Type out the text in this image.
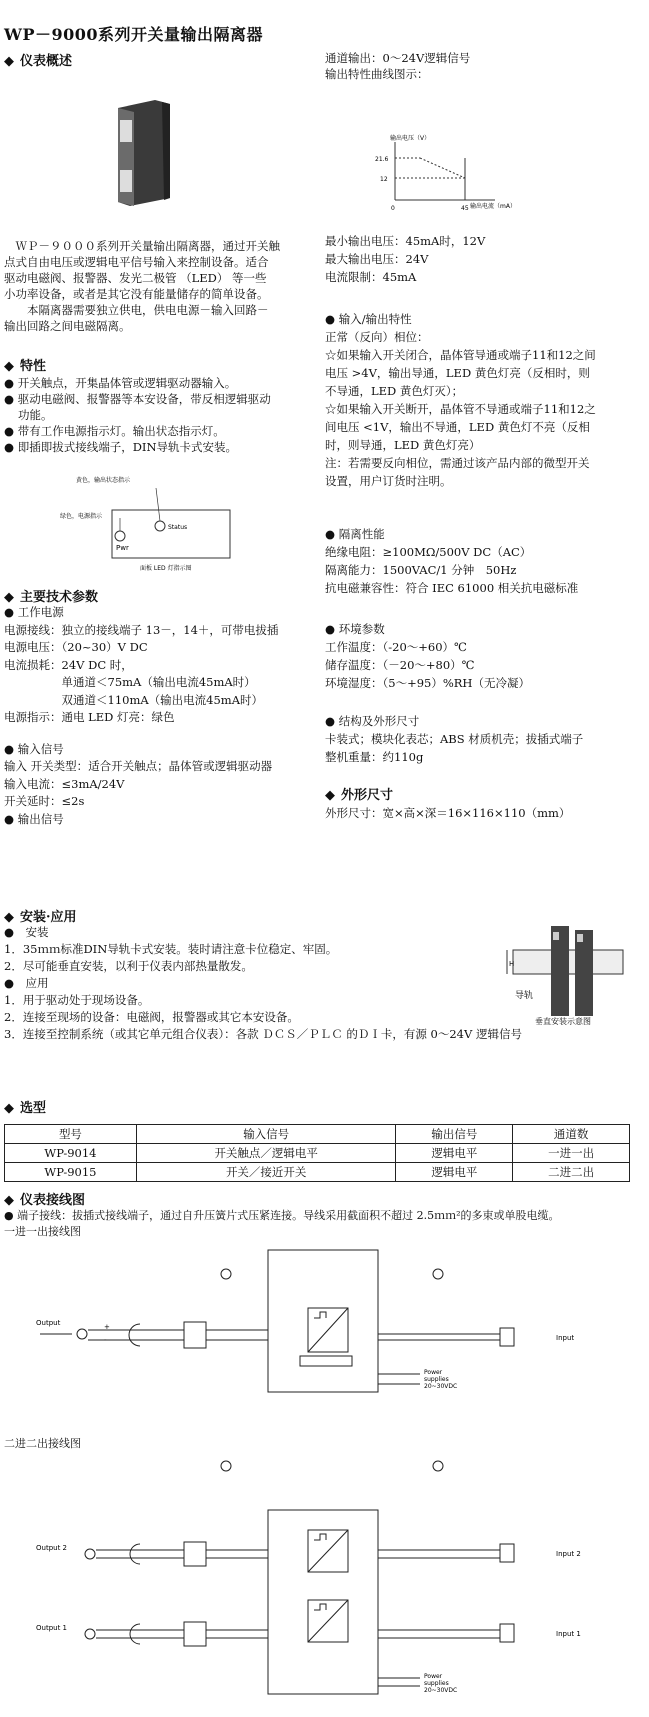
WP－9000系列开关量输出隔离器
◆ 仪表概述
　ＷＰ－９０００系列开关量输出隔离器，通过开关触
点式自由电压或逻辑电平信号输入来控制设备。适合
驱动电磁阀、报警器、发光二极管 （LED） 等一些
小功率设备，或者是其它没有能量储存的简单设备。
　　本隔离器需要独立供电，供电电源－输入回路－
输出回路之间电磁隔离。
◆ 特性
● 开关触点，开集晶体管或逻辑驱动器输入。
● 驱动电磁阀、报警器等本安设备，带反相逻辑驱动
功能。
● 带有工作电源指示灯。输出状态指示灯。
● 即插即拔式接线端子，DIN导轨卡式安装。
黄色，输出状态指示
绿色，电源指示
Pwr
Status
面板 LED 灯指示图
◆ 主要技术参数
● 工作电源
电源接线：独立的接线端子 13－，14＋，可带电拔插
电源电压：（20~30）V DC
电流损耗：24V DC 时，
　　　　　单通道＜75mA（输出电流45mA时）
　　　　　双通道＜110mA（输出电流45mA时）
电源指示：通电 LED 灯亮：绿色
● 输入信号
输入 开关类型：适合开关触点；晶体管或逻辑驱动器
输入电流：≤3mA/24V
开关延时：≤2s
● 输出信号
通道输出：0～24V逻辑信号
输出特性曲线图示：
输出电压（V）
输出电流（mA）
21.6
12
0	45
最小输出电压：45mA时，12V
最大输出电压：24V
电流限制：45mA
● 输入/输出特性
正常（反向）相位：
☆如果输入开关闭合，晶体管导通或端子11和12之间
电压 >4V，输出导通，LED 黄色灯亮（反相时，则
不导通，LED 黄色灯灭）；
☆如果输入开关断开，晶体管不导通或端子11和12之
间电压 <1V，输出不导通，LED 黄色灯不亮（反相
时，则导通，LED 黄色灯亮）
注：若需要反向相位，需通过该产品内部的微型开关
设置，用户订货时注明。
● 隔离性能
绝缘电阻：≥100MΩ/500V DC（AC）
隔离能力：1500VAC/1 分钟　50Hz
抗电磁兼容性：符合 IEC 61000 相关抗电磁标准
● 环境参数
工作温度：（-20～+60）℃
储存温度：（－20～+80）℃
环境湿度：（5～+95）%RH（无冷凝）
● 结构及外形尺寸
卡装式；模块化表芯；ABS 材质机壳；拔插式端子
整机重量：约110g
◆ 外形尺寸
外形尺寸：宽×高×深＝16×116×110（mm）
◆ 安装·应用
●　安装
1．35ｍｍ标准DIN导轨卡式安装。装时请注意卡位稳定、牢固。
2．尽可能垂直安装，以利于仪表内部热量散发。
●　应用
1．用于驱动处于现场设备。
2．连接至现场的设备：电磁阀，报警器或其它本安设备。
3．连接至控制系统（或其它单元组合仪表）：各款 ＤＣＳ／ＰＬＣ 的ＤＩ卡，有源 0～24V 逻辑信号
H
导轨
垂直安装示意图
◆ 选型
型号	输入信号	输出信号	通道数
WP-9014	开关触点／逻辑电平	逻辑电平	一进一出
WP-9015	开关／接近开关	逻辑电平	二进二出
◆ 仪表接线图
● 端子接线：拔插式接线端子，通过自升压簧片式压紧连接。导线采用截面积不超过 2.5ｍｍ²的多束或单股电缆。
一进一出接线图
Output	+
-	Input
Power
supplies
20~30VDC
二进二出接线图
Output 2
Output 1
Input 2
Input 1
Power
supplies
20~30VDC
